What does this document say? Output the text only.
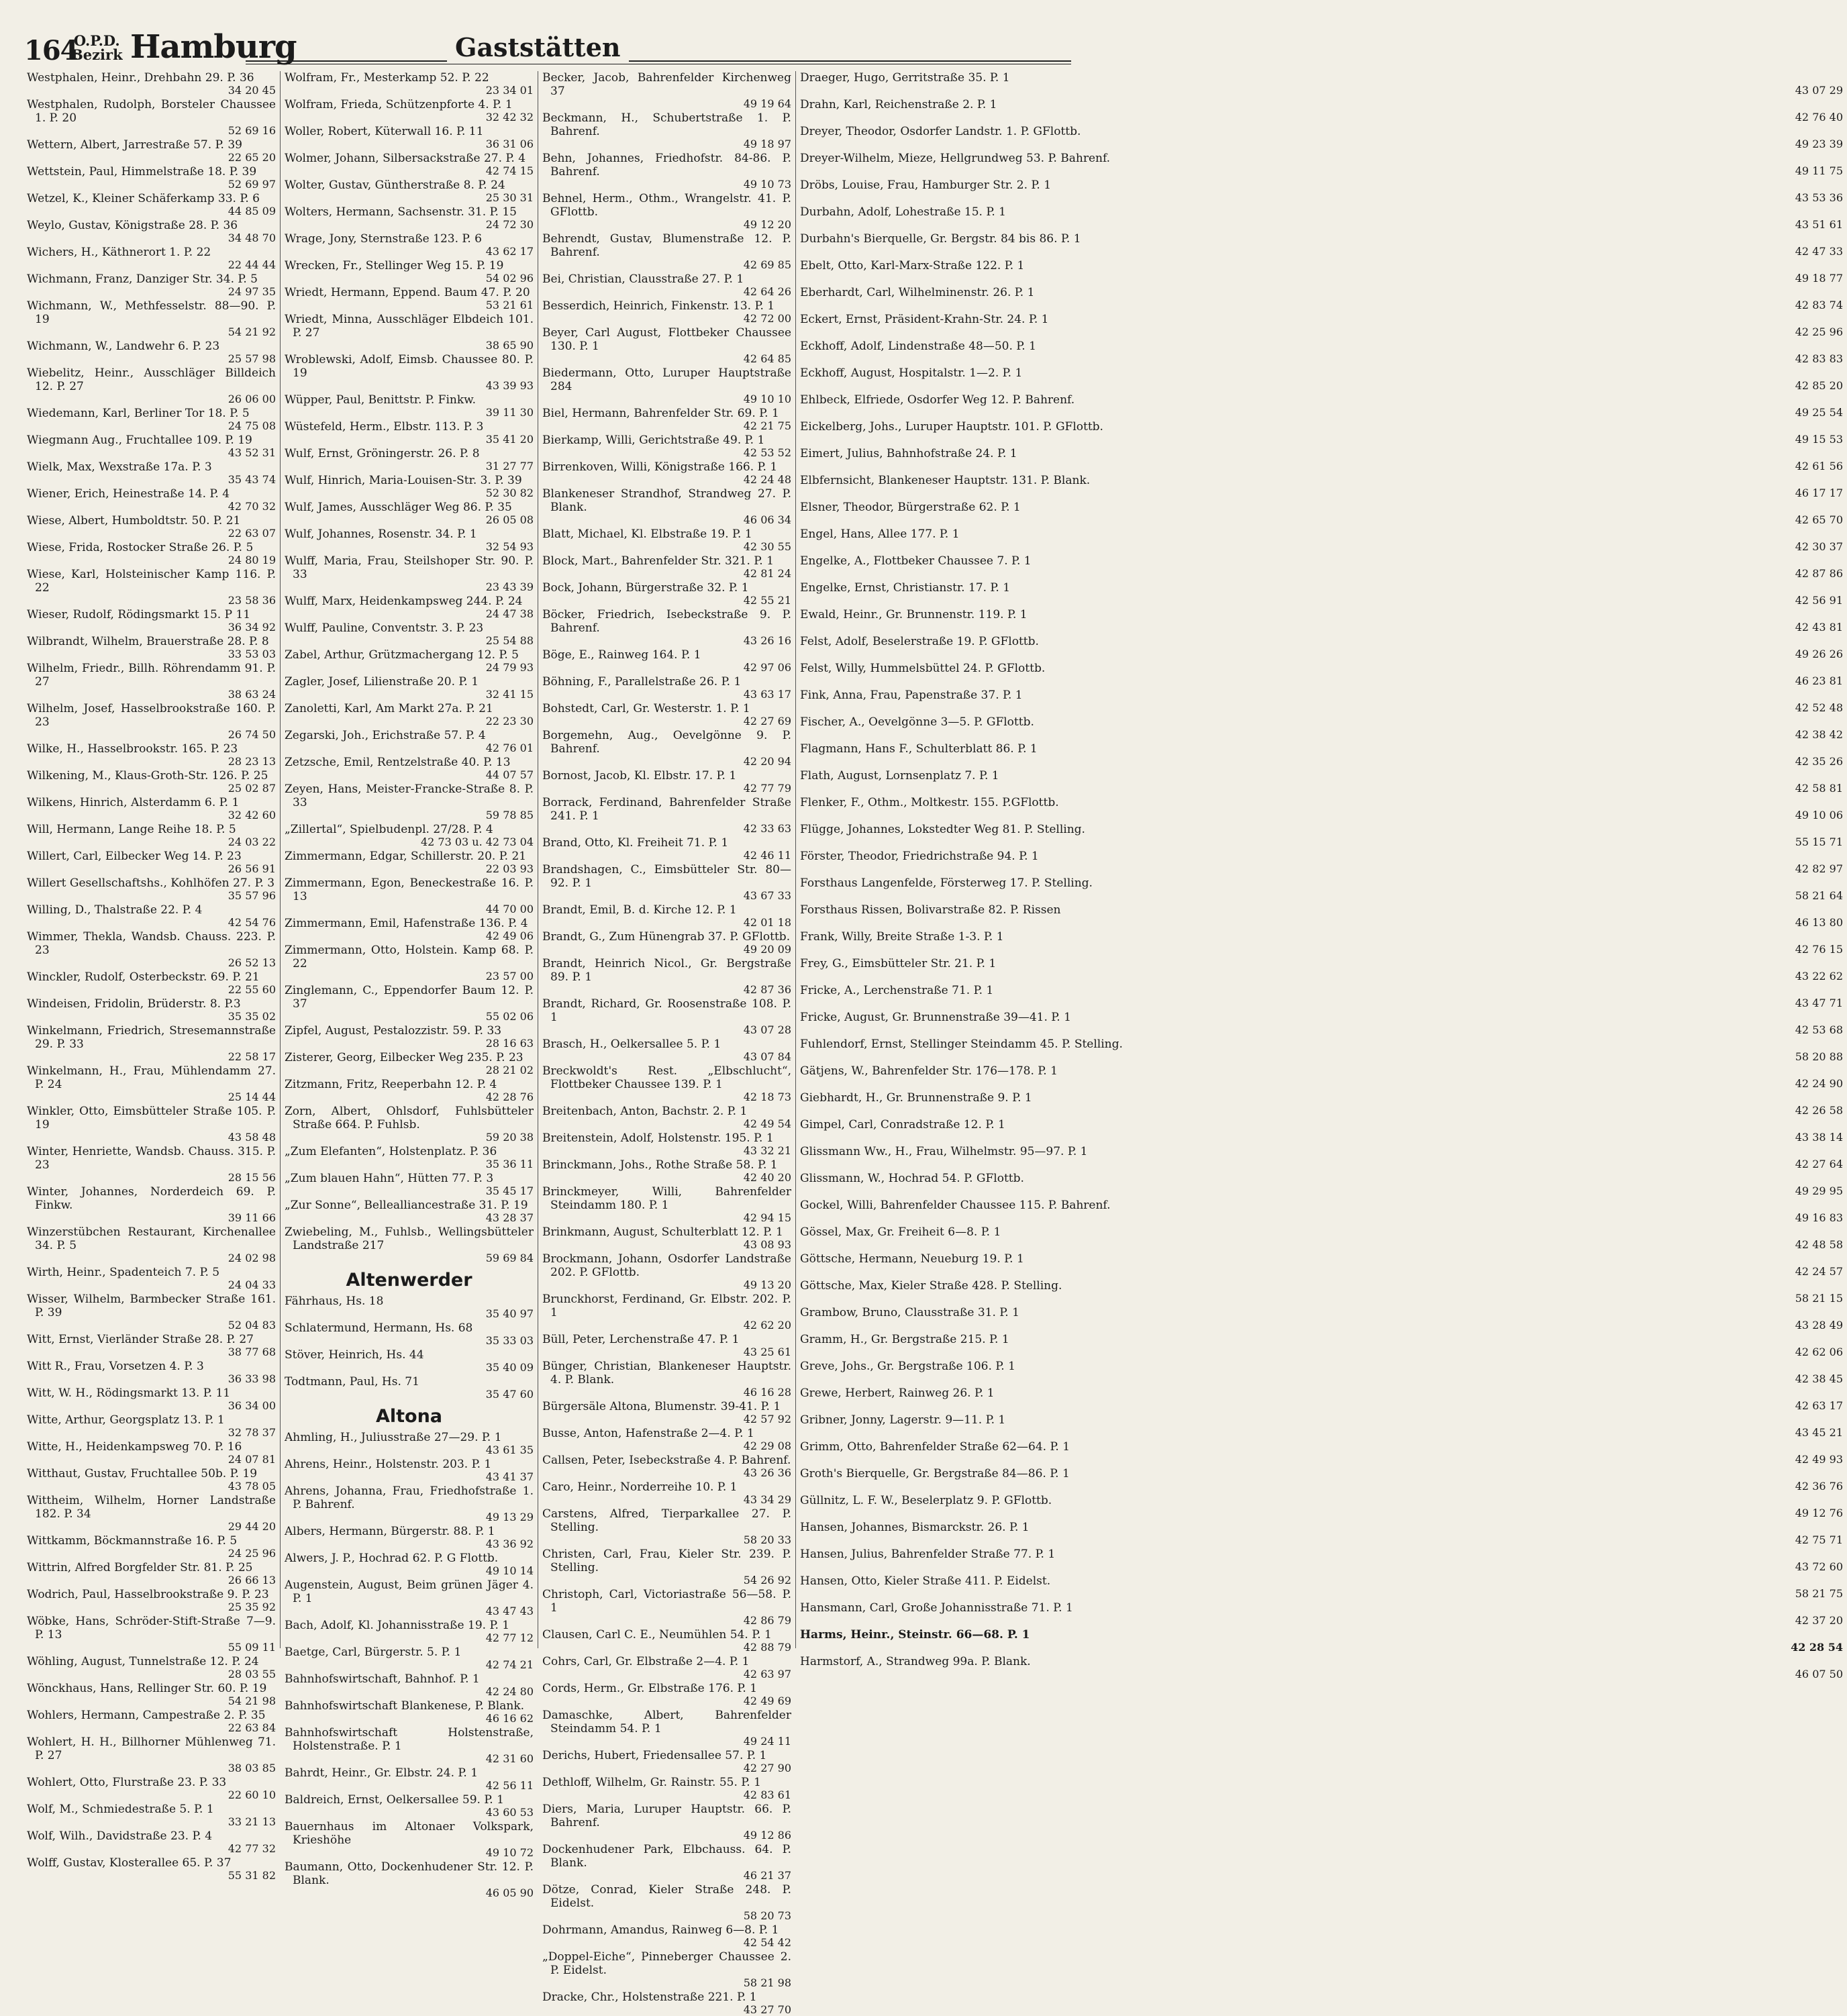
164
O.P.D.
Bezirk Hamburg	Gaststätten
Westphalen, Heinr., Drehbahn 29. P. 36
34 20 45
Westphalen, Rudolph, Borsteler Chaussee 1. P. 20
52 69 16
Wettern, Albert, Jarrestraße 57. P. 39
22 65 20
Wettstein, Paul, Himmelstraße 18. P. 39
52 69 97
Wetzel, K., Kleiner Schäferkamp 33. P. 6
44 85 09
Weylo, Gustav, Königstraße 28. P. 36
34 48 70
Wichers, H., Käthnerort 1. P. 22
22 44 44
Wichmann, Franz, Danziger Str. 34. P. 5
24 97 35
Wichmann, W., Methfesselstr. 88—90. P. 19
54 21 92
Wichmann, W., Landwehr 6. P. 23
25 57 98
Wiebelitz, Heinr., Ausschläger Billdeich 12. P. 27
26 06 00
Wiedemann, Karl, Berliner Tor 18. P. 5
24 75 08
Wiegmann Aug., Fruchtallee 109. P. 19
43 52 31
Wielk, Max, Wexstraße 17a. P. 3
35 43 74
Wiener, Erich, Heinestraße 14. P. 4
42 70 32
Wiese, Albert, Humboldtstr. 50. P. 21
22 63 07
Wiese, Frida, Rostocker Straße 26. P. 5
24 80 19
Wiese, Karl, Holsteinischer Kamp 116. P. 22
23 58 36
Wieser, Rudolf, Rödingsmarkt 15. P 11
36 34 92
Wilbrandt, Wilhelm, Brauerstraße 28. P. 8
33 53 03
Wilhelm, Friedr., Billh. Röhrendamm 91. P. 27
38 63 24
Wilhelm, Josef, Hasselbrookstraße 160. P. 23
26 74 50
Wilke, H., Hasselbrookstr. 165. P. 23
28 23 13
Wilkening, M., Klaus-Groth-Str. 126. P. 25
25 02 87
Wilkens, Hinrich, Alsterdamm 6. P. 1
32 42 60
Will, Hermann, Lange Reihe 18. P. 5
24 03 22
Willert, Carl, Eilbecker Weg 14. P. 23
26 56 91
Willert Gesellschaftshs., Kohlhöfen 27. P. 3
35 57 96
Willing, D., Thalstraße 22. P. 4
42 54 76
Wimmer, Thekla, Wandsb. Chauss. 223. P. 23
26 52 13
Winckler, Rudolf, Osterbeckstr. 69. P. 21
22 55 60
Windeisen, Fridolin, Brüderstr. 8. P.3
35 35 02
Winkelmann, Friedrich, Stresemannstraße 29. P. 33
22 58 17
Winkelmann, H., Frau, Mühlendamm 27. P. 24
25 14 44
Winkler, Otto, Eimsbütteler Straße 105. P. 19
43 58 48
Winter, Henriette, Wandsb. Chauss. 315. P. 23
28 15 56
Winter, Johannes, Norderdeich 69. P. Finkw.
39 11 66
Winzerstübchen Restaurant, Kirchenallee 34. P. 5
24 02 98
Wirth, Heinr., Spadenteich 7. P. 5
24 04 33
Wisser, Wilhelm, Barmbecker Straße 161. P. 39
52 04 83
Witt, Ernst, Vierländer Straße 28. P. 27
38 77 68
Witt R., Frau, Vorsetzen 4. P. 3
36 33 98
Witt, W. H., Rödingsmarkt 13. P. 11
36 34 00
Witte, Arthur, Georgsplatz 13. P. 1
32 78 37
Witte, H., Heidenkampsweg 70. P. 16
24 07 81
Witthaut, Gustav, Fruchtallee 50b. P. 19
43 78 05
Wittheim, Wilhelm, Horner Landstraße 182. P. 34
29 44 20
Wittkamm, Böckmannstraße 16. P. 5
24 25 96
Wittrin, Alfred Borgfelder Str. 81. P. 25
26 66 13
Wodrich, Paul, Hasselbrookstraße 9. P. 23
25 35 92
Wöbke, Hans, Schröder-Stift-Straße 7—9. P. 13
55 09 11
Wöhling, August, Tunnelstraße 12. P. 24
28 03 55
Wönckhaus, Hans, Rellinger Str. 60. P. 19
54 21 98
Wohlers, Hermann, Campestraße 2. P. 35
22 63 84
Wohlert, H. H., Billhorner Mühlenweg 71. P. 27
38 03 85
Wohlert, Otto, Flurstraße 23. P. 33
22 60 10
Wolf, M., Schmiedestraße 5. P. 1
33 21 13
Wolf, Wilh., Davidstraße 23. P. 4
42 77 32
Wolff, Gustav, Klosterallee 65. P. 37
55 31 82
Wolfram, Fr., Mesterkamp 52. P. 22
23 34 01
Wolfram, Frieda, Schützenpforte 4. P. 1
32 42 32
Woller, Robert, Küterwall 16. P. 11
36 31 06
Wolmer, Johann, Silbersackstraße 27. P. 4
42 74 15
Wolter, Gustav, Güntherstraße 8. P. 24
25 30 31
Wolters, Hermann, Sachsenstr. 31. P. 15
24 72 30
Wrage, Jony, Sternstraße 123. P. 6
43 62 17
Wrecken, Fr., Stellinger Weg 15. P. 19
54 02 96
Wriedt, Hermann, Eppend. Baum 47. P. 20
53 21 61
Wriedt, Minna, Ausschläger Elbdeich 101. P. 27
38 65 90
Wroblewski, Adolf, Eimsb. Chaussee 80. P. 19
43 39 93
Wüpper, Paul, Benittstr. P. Finkw.
39 11 30
Wüstefeld, Herm., Elbstr. 113. P. 3
35 41 20
Wulf, Ernst, Gröningerstr. 26. P. 8
31 27 77
Wulf, Hinrich, Maria-Louisen-Str. 3. P. 39
52 30 82
Wulf, James, Ausschläger Weg 86. P. 35
26 05 08
Wulf, Johannes, Rosenstr. 34. P. 1
32 54 93
Wulff, Maria, Frau, Steilshoper Str. 90. P. 33
23 43 39
Wulff, Marx, Heidenkampsweg 244. P. 24
24 47 38
Wulff, Pauline, Conventstr. 3. P. 23
25 54 88
Zabel, Arthur, Grützmachergang 12. P. 5
24 79 93
Zagler, Josef, Lilienstraße 20. P. 1
32 41 15
Zanoletti, Karl, Am Markt 27a. P. 21
22 23 30
Zegarski, Joh., Erichstraße 57. P. 4
42 76 01
Zetzsche, Emil, Rentzelstraße 40. P. 13
44 07 57
Zeyen, Hans, Meister-Francke-Straße 8. P. 33
59 78 85
„Zillertal“, Spielbudenpl. 27/28. P. 4
42 73 03 u. 42 73 04
Zimmermann, Edgar, Schillerstr. 20. P. 21
22 03 93
Zimmermann, Egon, Beneckestraße 16. P. 13
44 70 00
Zimmermann, Emil, Hafenstraße 136. P. 4
42 49 06
Zimmermann, Otto, Holstein. Kamp 68. P. 22
23 57 00
Zinglemann, C., Eppendorfer Baum 12. P. 37
55 02 06
Zipfel, August, Pestalozzistr. 59. P. 33
28 16 63
Zisterer, Georg, Eilbecker Weg 235. P. 23
28 21 02
Zitzmann, Fritz, Reeperbahn 12. P. 4
42 28 76
Zorn, Albert, Ohlsdorf, Fuhlsbütteler Straße 664. P. Fuhlsb.
59 20 38
„Zum Elefanten“, Holstenplatz. P. 36
35 36 11
„Zum blauen Hahn“, Hütten 77. P. 3
35 45 17
„Zur Sonne“, Bellealliancestraße 31. P. 19
43 28 37
Zwiebeling, M., Fuhlsb., Wellingsbütteler Landstraße 217
59 69 84
Altenwerder
Fährhaus, Hs. 18
35 40 97
Schlatermund, Hermann, Hs. 68
35 33 03
Stöver, Heinrich, Hs. 44
35 40 09
Todtmann, Paul, Hs. 71
35 47 60
Altona
Ahmling, H., Juliusstraße 27—29. P. 1
43 61 35
Ahrens, Heinr., Holstenstr. 203. P. 1
43 41 37
Ahrens, Johanna, Frau, Friedhofstraße 1. P. Bahrenf.
49 13 29
Albers, Hermann, Bürgerstr. 88. P. 1
43 36 92
Alwers, J. P., Hochrad 62. P. G Flottb.
49 10 14
Augenstein, August, Beim grünen Jäger 4. P. 1
43 47 43
Bach, Adolf, Kl. Johannisstraße 19. P. 1
42 77 12
Baetge, Carl, Bürgerstr. 5. P. 1
42 74 21
Bahnhofswirtschaft, Bahnhof. P. 1
42 24 80
Bahnhofswirtschaft Blankenese, P. Blank.
46 16 62
Bahnhofswirtschaft Holstenstraße, Holstenstraße. P. 1
42 31 60
Bahrdt, Heinr., Gr. Elbstr. 24. P. 1
42 56 11
Baldreich, Ernst, Oelkersallee 59. P. 1
43 60 53
Bauernhaus im Altonaer Volkspark, Krieshöhe
49 10 72
Baumann, Otto, Dockenhudener Str. 12. P. Blank.
46 05 90
Becker, Jacob, Bahrenfelder Kirchenweg 37
49 19 64
Beckmann, H., Schubertstraße 1. P. Bahrenf.
49 18 97
Behn, Johannes, Friedhofstr. 84-86. P. Bahrenf.
49 10 73
Behnel, Herm., Othm., Wrangelstr. 41. P. GFlottb.
49 12 20
Behrendt, Gustav, Blumenstraße 12. P. Bahrenf.
42 69 85
Bei, Christian, Clausstraße 27. P. 1
42 64 26
Besserdich, Heinrich, Finkenstr. 13. P. 1
42 72 00
Beyer, Carl August, Flottbeker Chaussee 130. P. 1
42 64 85
Biedermann, Otto, Luruper Hauptstraße 284
49 10 10
Biel, Hermann, Bahrenfelder Str. 69. P. 1
42 21 75
Bierkamp, Willi, Gerichtstraße 49. P. 1
42 53 52
Birrenkoven, Willi, Königstraße 166. P. 1
42 24 48
Blankeneser Strandhof, Strandweg 27. P. Blank.
46 06 34
Blatt, Michael, Kl. Elbstraße 19. P. 1
42 30 55
Block, Mart., Bahrenfelder Str. 321. P. 1
42 81 24
Bock, Johann, Bürgerstraße 32. P. 1
42 55 21
Böcker, Friedrich, Isebeckstraße 9. P. Bahrenf.
43 26 16
Böge, E., Rainweg 164. P. 1
42 97 06
Böhning, F., Parallelstraße 26. P. 1
43 63 17
Bohstedt, Carl, Gr. Westerstr. 1. P. 1
42 27 69
Borgemehn, Aug., Oevelgönne 9. P. Bahrenf.
42 20 94
Bornost, Jacob, Kl. Elbstr. 17. P. 1
42 77 79
Borrack, Ferdinand, Bahrenfelder Straße 241. P. 1
42 33 63
Brand, Otto, Kl. Freiheit 71. P. 1
42 46 11
Brandshagen, C., Eimsbütteler Str. 80—92. P. 1
43 67 33
Brandt, Emil, B. d. Kirche 12. P. 1
42 01 18
Brandt, G., Zum Hünengrab 37. P. GFlottb.
49 20 09
Brandt, Heinrich Nicol., Gr. Bergstraße 89. P. 1
42 87 36
Brandt, Richard, Gr. Roosenstraße 108. P. 1
43 07 28
Brasch, H., Oelkersallee 5. P. 1
43 07 84
Breckwoldt's Rest. „Elbschlucht“, Flottbeker Chaussee 139. P. 1
42 18 73
Breitenbach, Anton, Bachstr. 2. P. 1
42 49 54
Breitenstein, Adolf, Holstenstr. 195. P. 1
43 32 21
Brinckmann, Johs., Rothe Straße 58. P. 1
42 40 20
Brinckmeyer, Willi, Bahrenfelder Steindamm 180. P. 1
42 94 15
Brinkmann, August, Schulterblatt 12. P. 1
43 08 93
Brockmann, Johann, Osdorfer Landstraße 202. P. GFlottb.
49 13 20
Brunckhorst, Ferdinand, Gr. Elbstr. 202. P. 1
42 62 20
Büll, Peter, Lerchenstraße 47. P. 1
43 25 61
Bünger, Christian, Blankeneser Hauptstr. 4. P. Blank.
46 16 28
Bürgersäle Altona, Blumenstr. 39-41. P. 1
42 57 92
Busse, Anton, Hafenstraße 2—4. P. 1
42 29 08
Callsen, Peter, Isebeckstraße 4. P. Bahrenf.
43 26 36
Caro, Heinr., Norderreihe 10. P. 1
43 34 29
Carstens, Alfred, Tierparkallee 27. P. Stelling.
58 20 33
Christen, Carl, Frau, Kieler Str. 239. P. Stelling.
54 26 92
Christoph, Carl, Victoriastraße 56—58. P. 1
42 86 79
Clausen, Carl C. E., Neumühlen 54. P. 1
42 88 79
Cohrs, Carl, Gr. Elbstraße 2—4. P. 1
42 63 97
Cords, Herm., Gr. Elbstraße 176. P. 1
42 49 69
Damaschke, Albert, Bahrenfelder Steindamm 54. P. 1
49 24 11
Derichs, Hubert, Friedensallee 57. P. 1
42 27 90
Dethloff, Wilhelm, Gr. Rainstr. 55. P. 1
42 83 61
Diers, Maria, Luruper Hauptstr. 66. P. Bahrenf.
49 12 86
Dockenhudener Park, Elbchauss. 64. P. Blank.
46 21 37
Dötze, Conrad, Kieler Straße 248. P. Eidelst.
58 20 73
Dohrmann, Amandus, Rainweg 6—8. P. 1
42 54 42
„Doppel-Eiche“, Pinneberger Chaussee 2. P. Eidelst.
58 21 98
Dracke, Chr., Holstenstraße 221. P. 1
43 27 70
Draeger, Hugo, Gerritstraße 35. P. 1
43 07 29
Drahn, Karl, Reichenstraße 2. P. 1
42 76 40
Dreyer, Theodor, Osdorfer Landstr. 1. P. GFlottb.
49 23 39
Dreyer-Wilhelm, Mieze, Hellgrundweg 53. P. Bahrenf.
49 11 75
Dröbs, Louise, Frau, Hamburger Str. 2. P. 1
43 53 36
Durbahn, Adolf, Lohestraße 15. P. 1
43 51 61
Durbahn's Bierquelle, Gr. Bergstr. 84 bis 86. P. 1
42 47 33
Ebelt, Otto, Karl-Marx-Straße 122. P. 1
49 18 77
Eberhardt, Carl, Wilhelminenstr. 26. P. 1
42 83 74
Eckert, Ernst, Präsident-Krahn-Str. 24. P. 1
42 25 96
Eckhoff, Adolf, Lindenstraße 48—50. P. 1
42 83 83
Eckhoff, August, Hospitalstr. 1—2. P. 1
42 85 20
Ehlbeck, Elfriede, Osdorfer Weg 12. P. Bahrenf.
49 25 54
Eickelberg, Johs., Luruper Hauptstr. 101. P. GFlottb.
49 15 53
Eimert, Julius, Bahnhofstraße 24. P. 1
42 61 56
Elbfernsicht, Blankeneser Hauptstr. 131. P. Blank.
46 17 17
Elsner, Theodor, Bürgerstraße 62. P. 1
42 65 70
Engel, Hans, Allee 177. P. 1
42 30 37
Engelke, A., Flottbeker Chaussee 7. P. 1
42 87 86
Engelke, Ernst, Christianstr. 17. P. 1
42 56 91
Ewald, Heinr., Gr. Brunnenstr. 119. P. 1
42 43 81
Felst, Adolf, Beselerstraße 19. P. GFlottb.
49 26 26
Felst, Willy, Hummelsbüttel 24. P. GFlottb.
46 23 81
Fink, Anna, Frau, Papenstraße 37. P. 1
42 52 48
Fischer, A., Oevelgönne 3—5. P. GFlottb.
42 38 42
Flagmann, Hans F., Schulterblatt 86. P. 1
42 35 26
Flath, August, Lornsenplatz 7. P. 1
42 58 81
Flenker, F., Othm., Moltkestr. 155. P.GFlottb.
49 10 06
Flügge, Johannes, Lokstedter Weg 81. P. Stelling.
55 15 71
Förster, Theodor, Friedrichstraße 94. P. 1
42 82 97
Forsthaus Langenfelde, Försterweg 17. P. Stelling.
58 21 64
Forsthaus Rissen, Bolivarstraße 82. P. Rissen
46 13 80
Frank, Willy, Breite Straße 1-3. P. 1
42 76 15
Frey, G., Eimsbütteler Str. 21. P. 1
43 22 62
Fricke, A., Lerchenstraße 71. P. 1
43 47 71
Fricke, August, Gr. Brunnenstraße 39—41. P. 1
42 53 68
Fuhlendorf, Ernst, Stellinger Steindamm 45. P. Stelling.
58 20 88
Gätjens, W., Bahrenfelder Str. 176—178. P. 1
42 24 90
Giebhardt, H., Gr. Brunnenstraße 9. P. 1
42 26 58
Gimpel, Carl, Conradstraße 12. P. 1
43 38 14
Glissmann Ww., H., Frau, Wilhelmstr. 95—97. P. 1
42 27 64
Glissmann, W., Hochrad 54. P. GFlottb.
49 29 95
Gockel, Willi, Bahrenfelder Chaussee 115. P. Bahrenf.
49 16 83
Gössel, Max, Gr. Freiheit 6—8. P. 1
42 48 58
Göttsche, Hermann, Neueburg 19. P. 1
42 24 57
Göttsche, Max, Kieler Straße 428. P. Stelling.
58 21 15
Grambow, Bruno, Clausstraße 31. P. 1
43 28 49
Gramm, H., Gr. Bergstraße 215. P. 1
42 62 06
Greve, Johs., Gr. Bergstraße 106. P. 1
42 38 45
Grewe, Herbert, Rainweg 26. P. 1
42 63 17
Gribner, Jonny, Lagerstr. 9—11. P. 1
43 45 21
Grimm, Otto, Bahrenfelder Straße 62—64. P. 1
42 49 93
Groth's Bierquelle, Gr. Bergstraße 84—86. P. 1
42 36 76
Güllnitz, L. F. W., Beselerplatz 9. P. GFlottb.
49 12 76
Hansen, Johannes, Bismarckstr. 26. P. 1
42 75 71
Hansen, Julius, Bahrenfelder Straße 77. P. 1
43 72 60
Hansen, Otto, Kieler Straße 411. P. Eidelst.
58 21 75
Hansmann, Carl, Große Johannisstraße 71. P. 1
42 37 20
Harms, Heinr., Steinstr. 66—68. P. 1
42 28 54
Harmstorf, A., Strandweg 99a. P. Blank.
46 07 50
